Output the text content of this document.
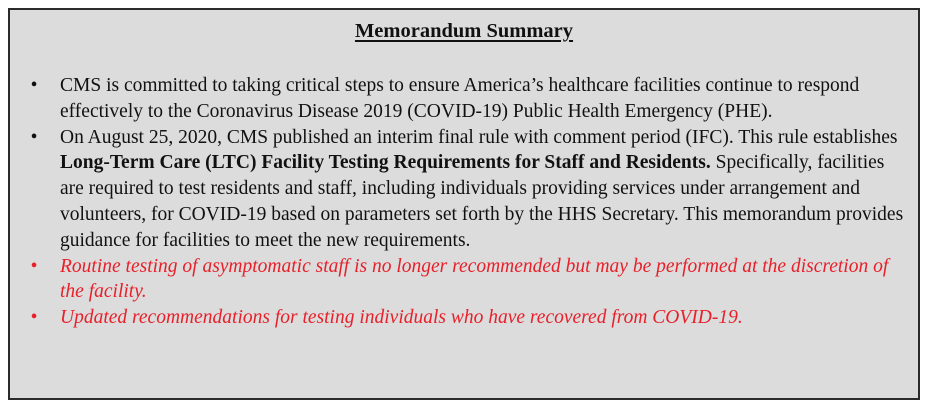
Memorandum Summary
• CMS is committed to taking critical steps to ensure America’s healthcare facilities continue to respond effectively to the Coronavirus Disease 2019 (COVID-19) Public Health Emergency (PHE).
• On August 25, 2020, CMS published an interim final rule with comment period (IFC). This rule establishes Long-Term Care (LTC) Facility Testing Requirements for Staff and Residents. Specifically, facilities are required to test residents and staff, including individuals providing services under arrangement and volunteers, for COVID-19 based on parameters set forth by the HHS Secretary. This memorandum provides guidance for facilities to meet the new requirements.
• Routine testing of asymptomatic staff is no longer recommended but may be performed at the discretion of the facility.
• Updated recommendations for testing individuals who have recovered from COVID-19.
